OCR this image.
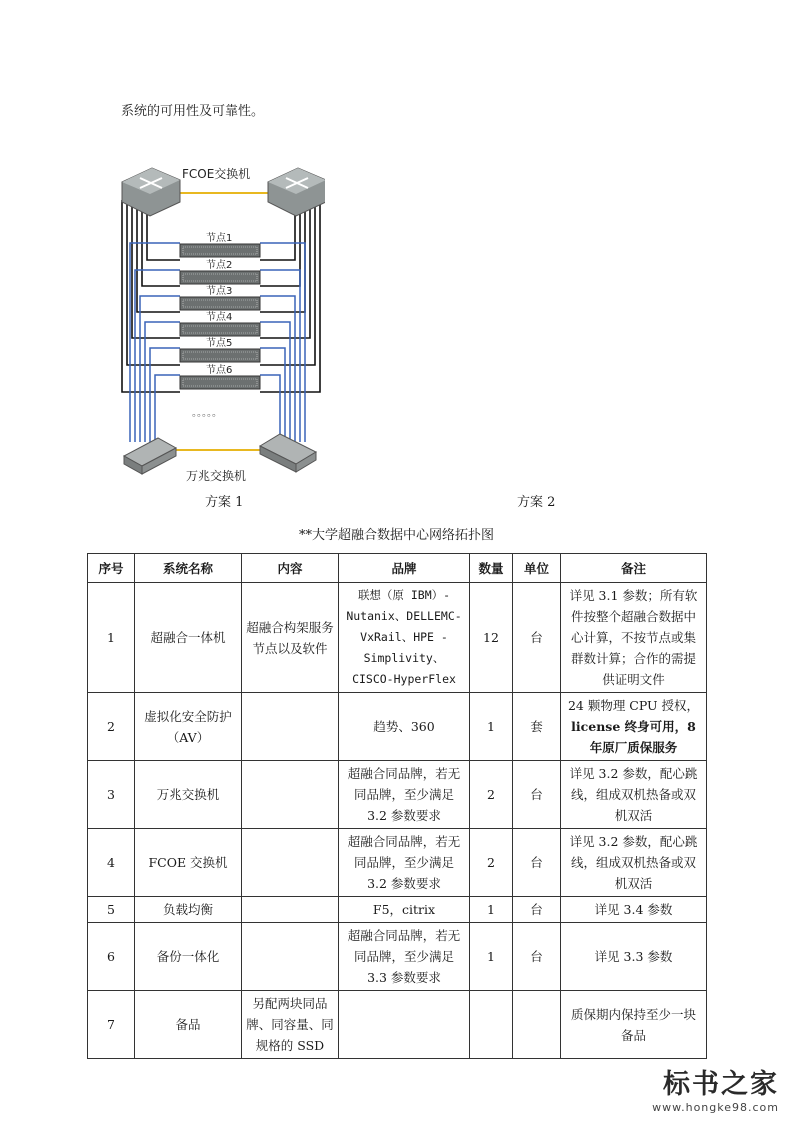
系统的可用性及可靠性。
FCOE交换机
节点1
节点2
节点3
节点4
节点5
节点6
。。。。。
万兆交换机
方案 1	方案 2
**大学超融合数据中心网络拓扑图
序号	系统名称	内容	品牌	数量	单位	备注
1	超融合一体机	超融合构架服务节点以及软件	联想（原 IBM）-Nutanix、DELLEMC-VxRail、HPE -Simplivity、CISCO-HyperFlex	12	台	详见 3.1 参数；所有软件按整个超融合数据中心计算，不按节点或集群数计算；合作的需提供证明文件
2	虚拟化安全防护（AV）		趋势、360	1	套	24 颗物理 CPU 授权， license 终身可用，8 年原厂质保服务
3	万兆交换机		超融合同品牌，若无同品牌，至少满足 3.2 参数要求	2	台	详见 3.2 参数，配心跳线，组成双机热备或双机双活
4	FCOE 交换机		超融合同品牌，若无同品牌，至少满足 3.2 参数要求	2	台	详见 3.2 参数，配心跳线，组成双机热备或双机双活
5	负载均衡		F5，citrix	1	台	详见 3.4 参数
6	备份一体化		超融合同品牌，若无同品牌，至少满足 3.3 参数要求	1	台	详见 3.3 参数
7	备品	另配两块同品牌、同容量、同规格的 SSD				质保期内保持至少一块备品
标书之家
www.hongke98.com
